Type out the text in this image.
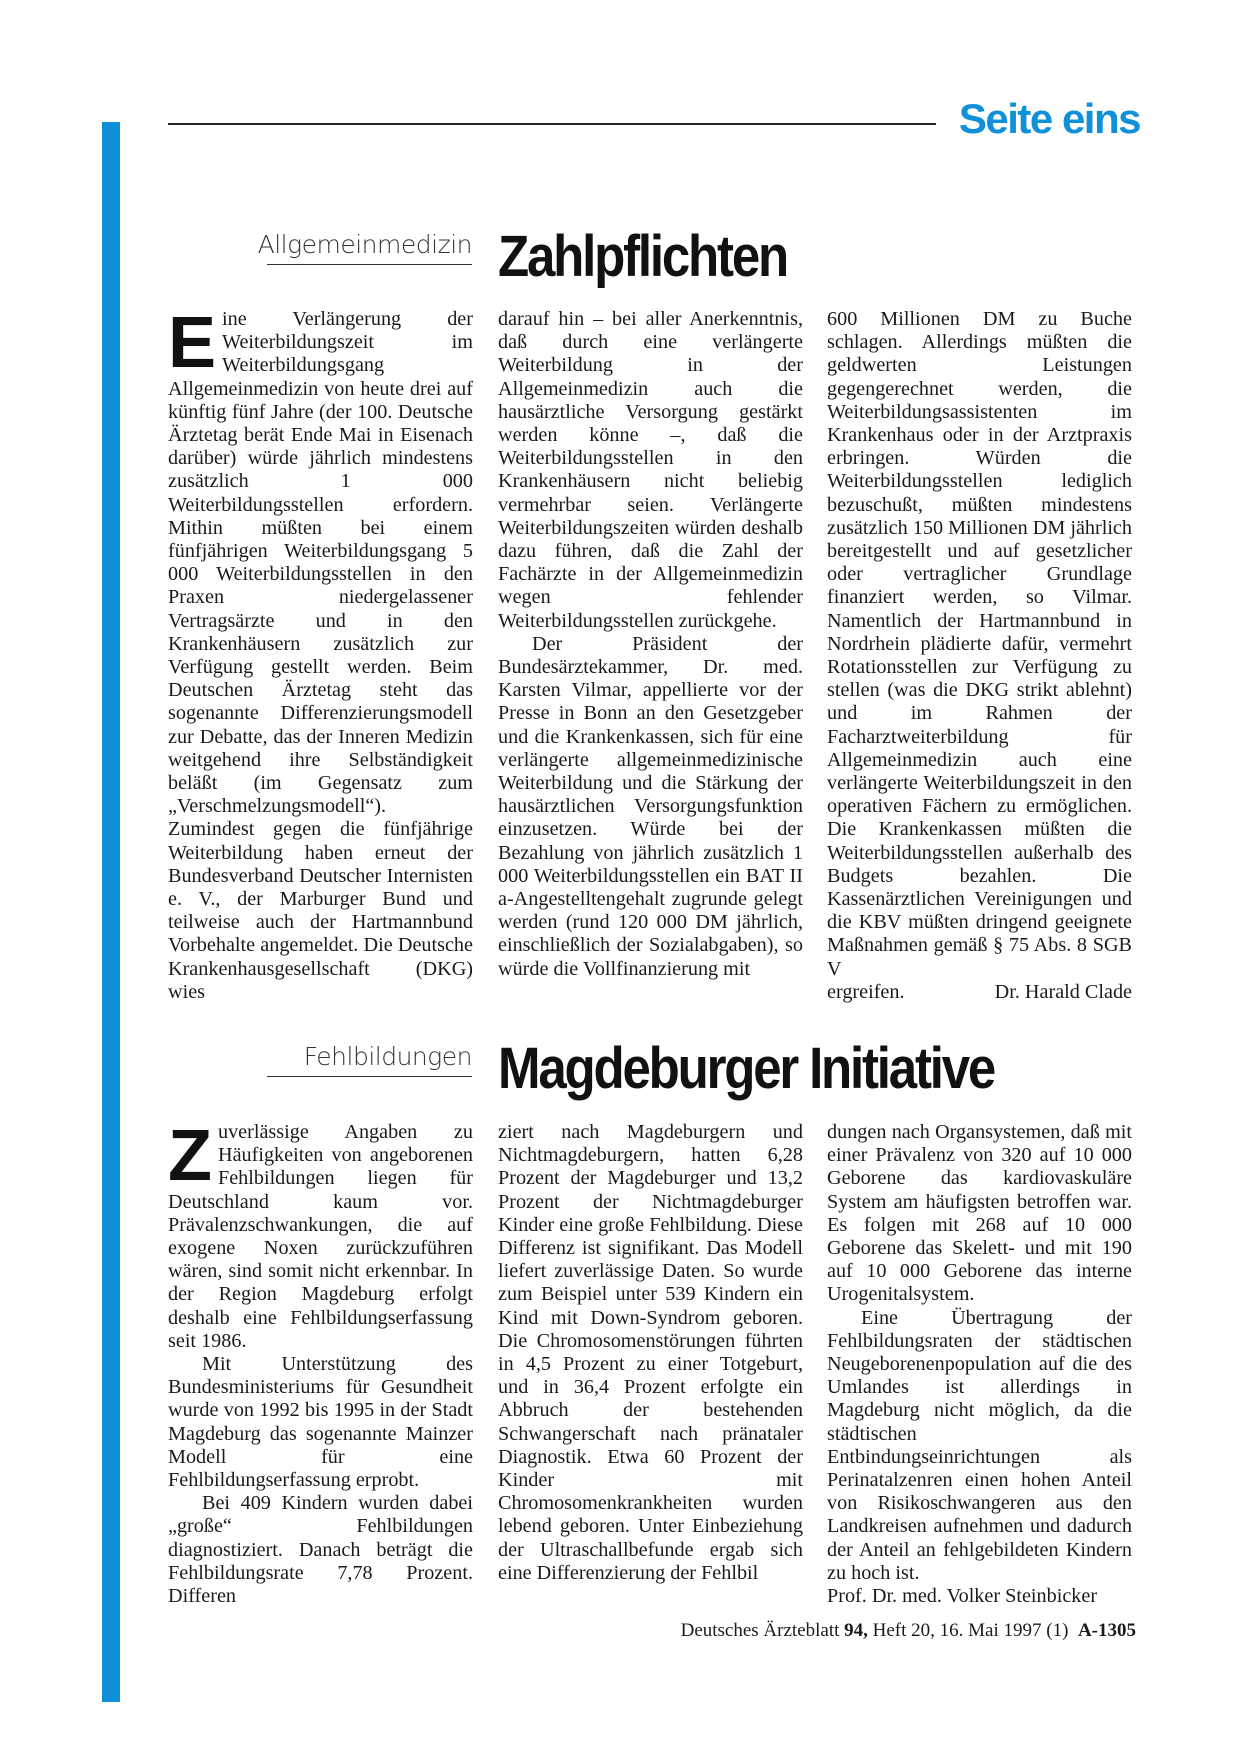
Seite eins
Allgemeinmedizin Zahlpflichten
E ine Verlängerung der Weiterbildungszeit im Weiterbildungsgang Allgemeinmedizin von heute drei auf künftig fünf Jahre (der 100. Deutsche Ärztetag berät Ende Mai in Eisenach darüber) würde jährlich mindestens zusätzlich 1 000 Weiterbildungsstellen erfordern. Mithin müßten bei einem fünfjährigen Weiterbildungsgang 5 000 Weiterbildungsstellen in den Praxen niedergelassener Vertragsärzte und in den Krankenhäusern zusätzlich zur Verfügung gestellt werden. Beim Deutschen Ärztetag steht das sogenannte Differenzierungsmodell zur Debatte, das der Inneren Medizin weitgehend ihre Selbständigkeit beläßt (im Gegensatz zum „Verschmelzungsmodell“). Zumindest gegen die fünfjährige Weiterbildung haben erneut der Bundesverband Deutscher Internisten e. V., der Marburger Bund und teilweise auch der Hartmannbund Vorbehalte angemeldet. Die Deutsche Krankenhausgesellschaft (DKG) wies

darauf hin – bei aller Anerkenntnis, daß durch eine verlängerte Weiterbildung in der Allgemeinmedizin auch die hausärztliche Versorgung gestärkt werden könne –, daß die Weiterbildungsstellen in den Krankenhäusern nicht beliebig vermehrbar seien. Verlängerte Weiterbildungszeiten würden deshalb dazu führen, daß die Zahl der Fachärzte in der Allgemeinmedizin wegen fehlender Weiterbildungsstellen zurückgehe.

Der Präsident der Bundesärztekammer, Dr. med. Karsten Vilmar, appellierte vor der Presse in Bonn an den Gesetzgeber und die Krankenkassen, sich für eine verlängerte allgemeinmedizinische Weiterbildung und die Stärkung der hausärztlichen Versorgungsfunktion einzusetzen. Würde bei der Bezahlung von jährlich zusätzlich 1 000 Weiterbildungsstellen ein BAT II a-Angestelltengehalt zugrunde gelegt werden (rund 120 000 DM jährlich, einschließlich der Sozialabgaben), so würde die Vollfinanzierung mit

600 Millionen DM zu Buche schlagen. Allerdings müßten die geldwerten Leistungen gegengerechnet werden, die Weiterbildungsassistenten im Krankenhaus oder in der Arztpraxis erbringen. Würden die Weiterbildungsstellen lediglich bezuschußt, müßten mindestens zusätzlich 150 Millionen DM jährlich bereitgestellt und auf gesetzlicher oder vertraglicher Grundlage finanziert werden, so Vilmar. Namentlich der Hartmannbund in Nordrhein plädierte dafür, vermehrt Rotationsstellen zur Verfügung zu stellen (was die DKG strikt ablehnt) und im Rahmen der Facharztweiterbildung für Allgemeinmedizin auch eine verlängerte Weiterbildungszeit in den operativen Fächern zu ermöglichen. Die Krankenkassen müßten die Weiterbildungsstellen außerhalb des Budgets bezahlen. Die Kassenärztlichen Vereinigungen und die KBV müßten dringend geeignete Maßnahmen gemäß § 75 Abs. 8 SGB V

ergreifen.	Dr. Harald Clade
Fehlbildungen Magdeburger Initiative
Z uverlässige Angaben zu Häufigkeiten von angeborenen Fehlbildungen liegen für Deutschland kaum vor. Prävalenzschwankungen, die auf exogene Noxen zurückzuführen wären, sind somit nicht erkennbar. In der Region Magdeburg erfolgt deshalb eine Fehlbildungserfassung seit 1986.

Mit Unterstützung des Bundesministeriums für Gesundheit wurde von 1992 bis 1995 in der Stadt Magdeburg das sogenannte Mainzer Modell für eine Fehlbildungserfassung erprobt.

Bei 409 Kindern wurden dabei „große“ Fehlbildungen diagnostiziert. Danach beträgt die Fehlbildungsrate 7,78 Prozent. Differen

ziert nach Magdeburgern und Nichtmagdeburgern, hatten 6,28 Prozent der Magdeburger und 13,2 Prozent der Nichtmagdeburger Kinder eine große Fehlbildung. Diese Differenz ist signifikant. Das Modell liefert zuverlässige Daten. So wurde zum Beispiel unter 539 Kindern ein Kind mit Down-Syndrom geboren. Die Chromosomenstörungen führten in 4,5 Prozent zu einer Totgeburt, und in 36,4 Prozent erfolgte ein Abbruch der bestehenden Schwangerschaft nach pränataler Diagnostik. Etwa 60 Prozent der Kinder mit Chromosomenkrankheiten wurden lebend geboren. Unter Einbeziehung der Ultraschallbefunde ergab sich eine Differenzierung der Fehlbil

dungen nach Organsystemen, daß mit einer Prävalenz von 320 auf 10 000 Geborene das kardiovaskuläre System am häufigsten betroffen war. Es folgen mit 268 auf 10 000 Geborene das Skelett- und mit 190 auf 10 000 Geborene das interne Urogenitalsystem.

Eine Übertragung der Fehlbildungsraten der städtischen Neugeborenenpopulation auf die des Umlandes ist allerdings in Magdeburg nicht möglich, da die städtischen Entbindungseinrichtungen als Perinatalzenren einen hohen Anteil von Risikoschwangeren aus den Landkreisen aufnehmen und dadurch der Anteil an fehlgebildeten Kindern zu hoch ist.

Prof. Dr. med. Volker Steinbicker

Deutsches Ärzteblatt 94, Heft 20, 16. Mai 1997 (1) A-1305
